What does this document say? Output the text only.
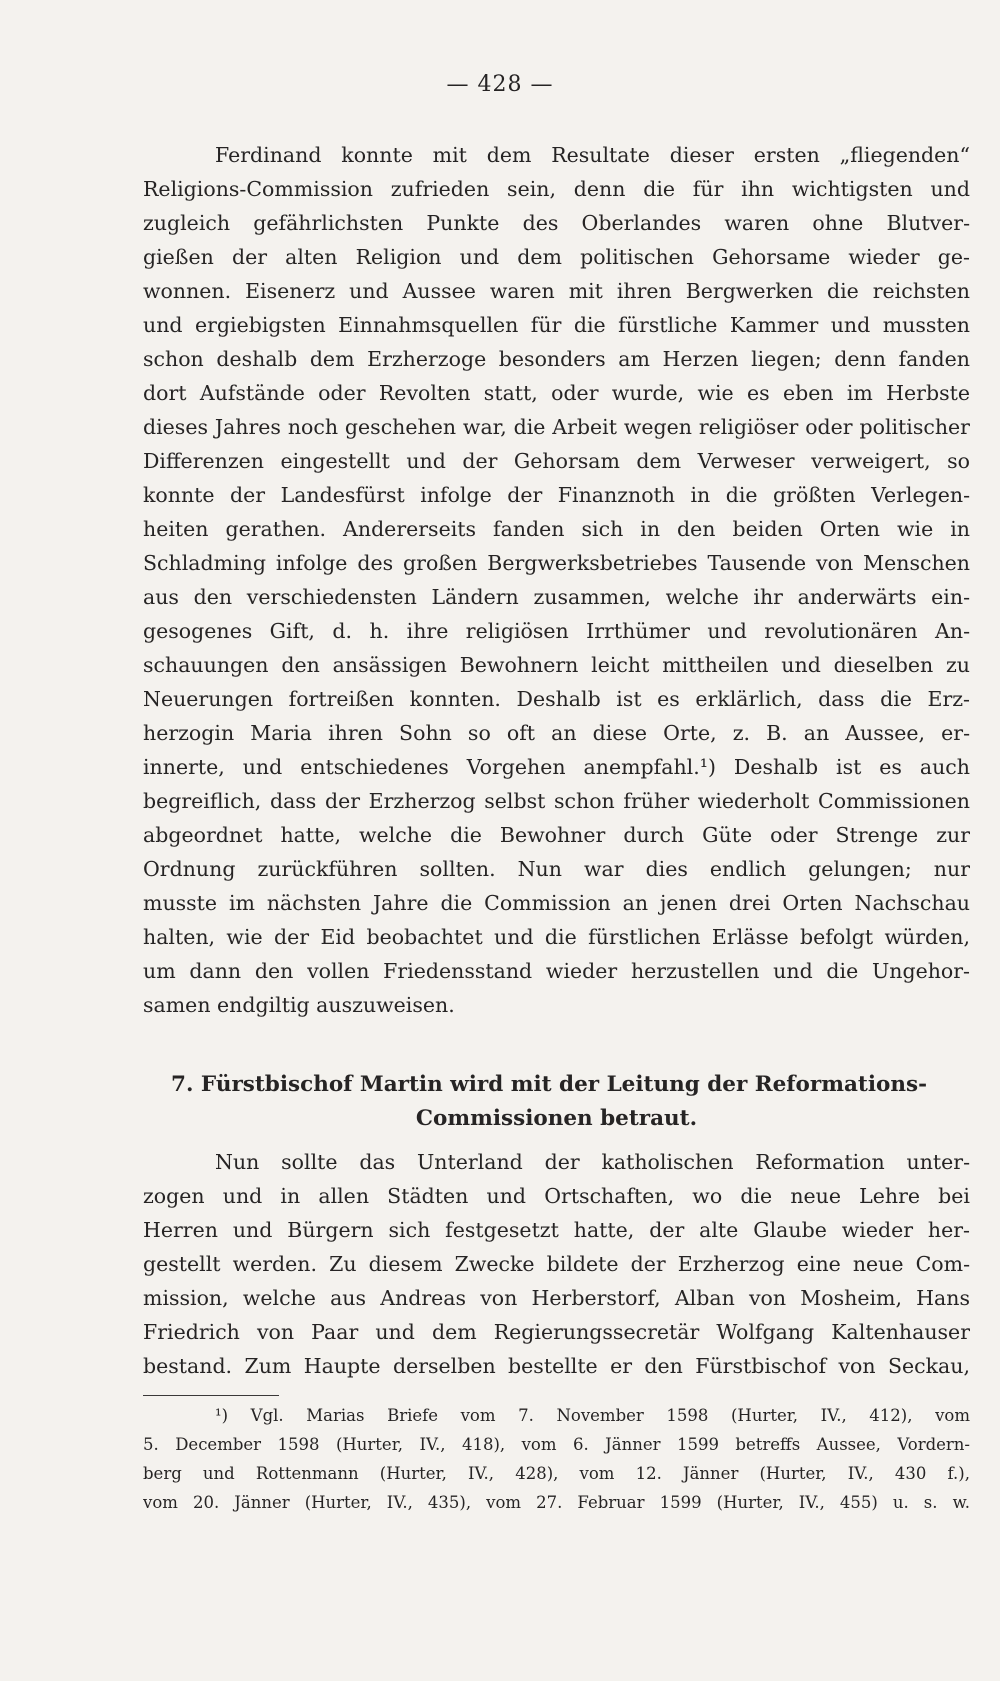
— 428 —
Ferdinand konnte mit dem Resultate dieser ersten „fliegenden“
Religions-Commission zufrieden sein, denn die für ihn wichtigsten und
zugleich gefährlichsten Punkte des Oberlandes waren ohne Blutver-
gießen der alten Religion und dem politischen Gehorsame wieder ge-
wonnen. Eisenerz und Aussee waren mit ihren Bergwerken die reichsten
und ergiebigsten Einnahmsquellen für die fürstliche Kammer und mussten
schon deshalb dem Erzherzoge besonders am Herzen liegen; denn fanden
dort Aufstände oder Revolten statt, oder wurde, wie es eben im Herbste
dieses Jahres noch geschehen war, die Arbeit wegen religiöser oder politischer
Differenzen eingestellt und der Gehorsam dem Verweser verweigert, so
konnte der Landesfürst infolge der Finanznoth in die größten Verlegen-
heiten gerathen. Andererseits fanden sich in den beiden Orten wie in
Schladming infolge des großen Bergwerksbetriebes Tausende von Menschen
aus den verschiedensten Ländern zusammen, welche ihr anderwärts ein-
gesogenes Gift, d. h. ihre religiösen Irrthümer und revolutionären An-
schauungen den ansässigen Bewohnern leicht mittheilen und dieselben zu
Neuerungen fortreißen konnten. Deshalb ist es erklärlich, dass die Erz-
herzogin Maria ihren Sohn so oft an diese Orte, z. B. an Aussee, er-
innerte, und entschiedenes Vorgehen anempfahl.¹) Deshalb ist es auch
begreiflich, dass der Erzherzog selbst schon früher wiederholt Commissionen
abgeordnet hatte, welche die Bewohner durch Güte oder Strenge zur
Ordnung zurückführen sollten. Nun war dies endlich gelungen; nur
musste im nächsten Jahre die Commission an jenen drei Orten Nachschau
halten, wie der Eid beobachtet und die fürstlichen Erlässe befolgt würden,
um dann den vollen Friedensstand wieder herzustellen und die Ungehor-
samen endgiltig auszuweisen.
7. Fürstbischof Martin wird mit der Leitung der Reformations-
Commissionen betraut.
Nun sollte das Unterland der katholischen Reformation unter-
zogen und in allen Städten und Ortschaften, wo die neue Lehre bei
Herren und Bürgern sich festgesetzt hatte, der alte Glaube wieder her-
gestellt werden. Zu diesem Zwecke bildete der Erzherzog eine neue Com-
mission, welche aus Andreas von Herberstorf, Alban von Mosheim, Hans
Friedrich von Paar und dem Regierungssecretär Wolfgang Kaltenhauser
bestand. Zum Haupte derselben bestellte er den Fürstbischof von Seckau,
¹) Vgl. Marias Briefe vom 7. November 1598 (Hurter, IV., 412), vom
5. December 1598 (Hurter, IV., 418), vom 6. Jänner 1599 betreffs Aussee, Vordern-
berg und Rottenmann (Hurter, IV., 428), vom 12. Jänner (Hurter, IV., 430 f.),
vom 20. Jänner (Hurter, IV., 435), vom 27. Februar 1599 (Hurter, IV., 455) u. s. w.
